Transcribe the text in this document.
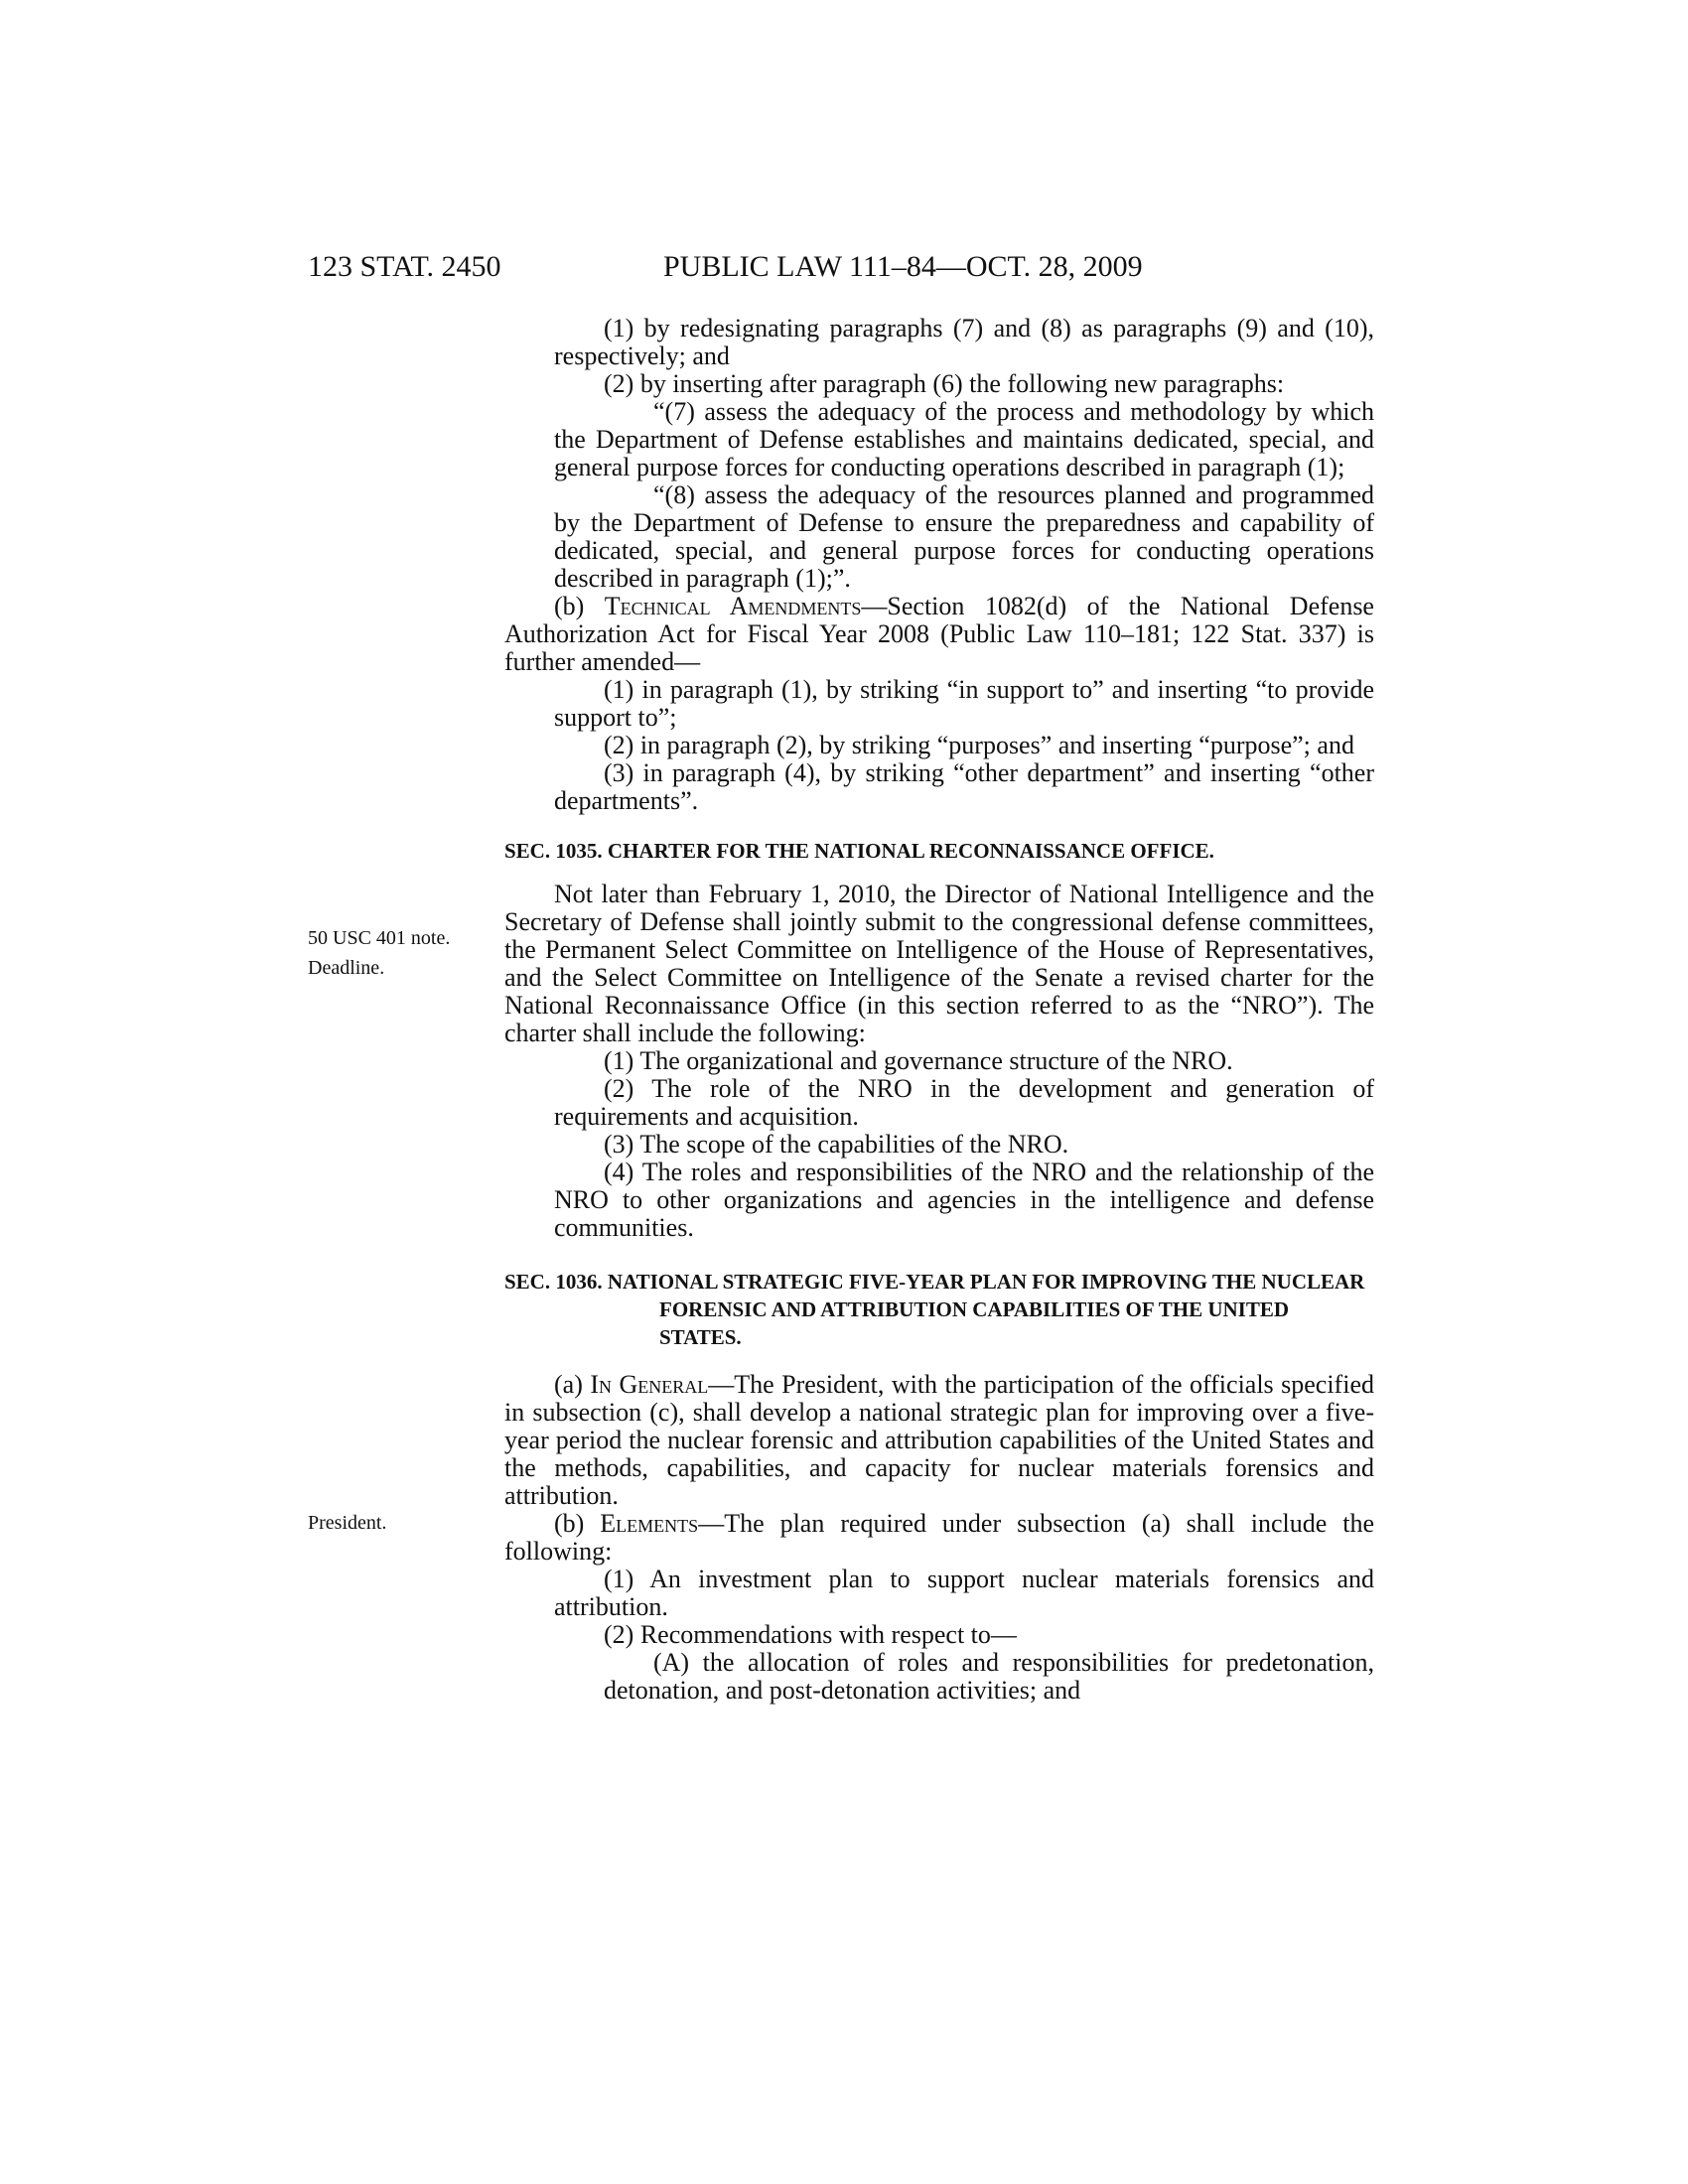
123 STAT. 2450	PUBLIC LAW 111–84—OCT. 28, 2009
50 USC 401 note.
Deadline.
President.

(1) by redesignating paragraphs (7) and (8) as paragraphs (9) and (10), respectively; and

(2) by inserting after paragraph (6) the following new paragraphs:

“(7) assess the adequacy of the process and methodology by which the Department of Defense establishes and maintains dedicated, special, and general purpose forces for conducting operations described in paragraph (1);

“(8) assess the adequacy of the resources planned and programmed by the Department of Defense to ensure the preparedness and capability of dedicated, special, and general purpose forces for conducting operations described in paragraph (1);”.

(b) Technical Amendments—Section 1082(d) of the National Defense Authorization Act for Fiscal Year 2008 (Public Law 110–181; 122 Stat. 337) is further amended—

(1) in paragraph (1), by striking “in support to” and inserting “to provide support to”;

(2) in paragraph (2), by striking “purposes” and inserting “purpose”; and

(3) in paragraph (4), by striking “other department” and inserting “other departments”.

SEC. 1035. CHARTER FOR THE NATIONAL RECONNAISSANCE OFFICE.

Not later than February 1, 2010, the Director of National Intelligence and the Secretary of Defense shall jointly submit to the congressional defense committees, the Permanent Select Committee on Intelligence of the House of Representatives, and the Select Committee on Intelligence of the Senate a revised charter for the National Reconnaissance Office (in this section referred to as the “NRO”). The charter shall include the following:

(1) The organizational and governance structure of the NRO.

(2) The role of the NRO in the development and generation of requirements and acquisition.

(3) The scope of the capabilities of the NRO.

(4) The roles and responsibilities of the NRO and the relationship of the NRO to other organizations and agencies in the intelligence and defense communities.

SEC. 1036. NATIONAL STRATEGIC FIVE-YEAR PLAN FOR IMPROVING THE NUCLEAR FORENSIC AND ATTRIBUTION CAPABILITIES OF THE UNITED STATES.

(a) In General—The President, with the participation of the officials specified in subsection (c), shall develop a national strategic plan for improving over a five-year period the nuclear forensic and attribution capabilities of the United States and the methods, capabilities, and capacity for nuclear materials forensics and attribution.

(b) Elements—The plan required under subsection (a) shall include the following:

(1) An investment plan to support nuclear materials forensics and attribution.

(2) Recommendations with respect to—

(A) the allocation of roles and responsibilities for predetonation, detonation, and post-detonation activities; and
